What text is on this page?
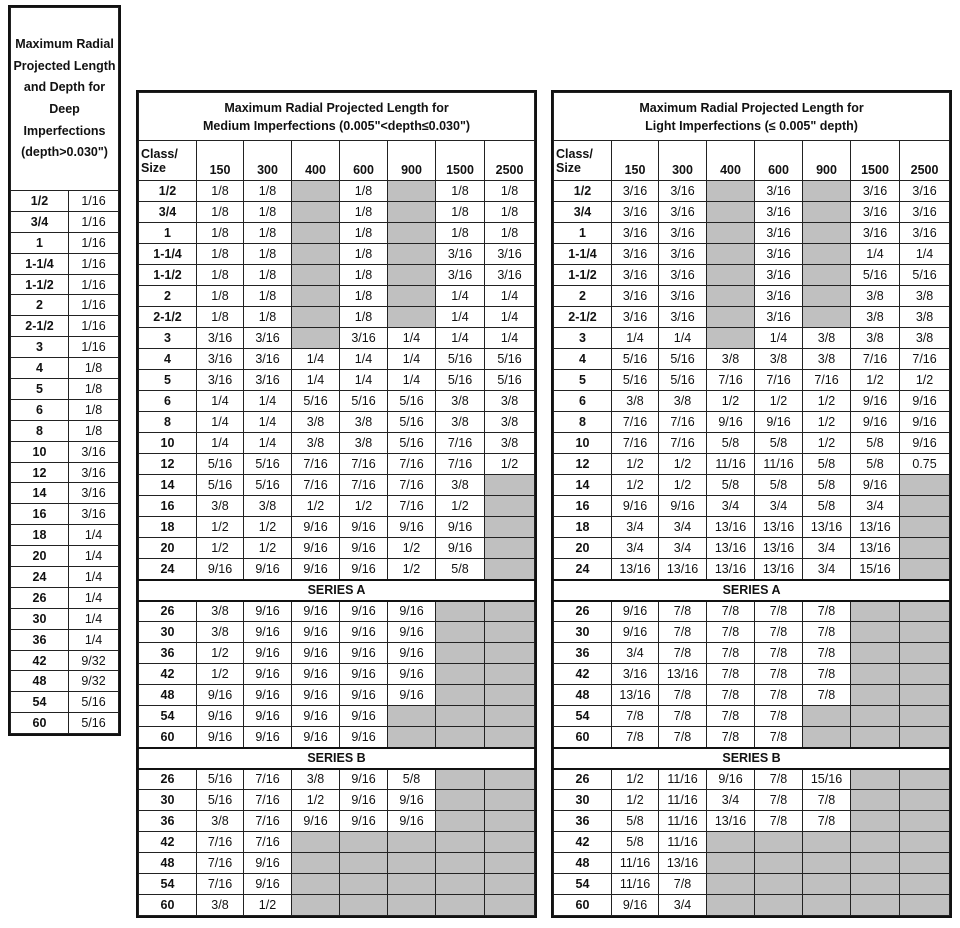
Maximum Radial Projected Length and Depth for Deep Imperfections (depth>0.030")	
1/2	1/16
3/4	1/16
1	1/16
1-1/4	1/16
1-1/2	1/16
2	1/16
2-1/2	1/16
3	1/16
4	1/8
5	1/8
6	1/8
8	1/8
10	3/16
12	3/16
14	3/16
16	3/16
18	1/4
20	1/4
24	1/4
26	1/4
30	1/4
36	1/4
42	9/32
48	9/32
54	5/16
60	5/16
Maximum Radial Projected Length for
Medium Imperfections (0.005"<depth≤0.030")							

Class/ Size	150	300	400	600	900	1500	2500
1/2	1/8	1/8		1/8		1/8	1/8
3/4	1/8	1/8		1/8		1/8	1/8
1	1/8	1/8		1/8		1/8	1/8
1-1/4	1/8	1/8		1/8		3/16	3/16
1-1/2	1/8	1/8		1/8		3/16	3/16
2	1/8	1/8		1/8		1/4	1/4
2-1/2	1/8	1/8		1/8		1/4	1/4
3	3/16	3/16		3/16	1/4	1/4	1/4
4	3/16	3/16	1/4	1/4	1/4	5/16	5/16
5	3/16	3/16	1/4	1/4	1/4	5/16	5/16
6	1/4	1/4	5/16	5/16	5/16	3/8	3/8
8	1/4	1/4	3/8	3/8	5/16	3/8	3/8
10	1/4	1/4	3/8	3/8	5/16	7/16	3/8
12	5/16	5/16	7/16	7/16	7/16	7/16	1/2
14	5/16	5/16	7/16	7/16	7/16	3/8	
16	3/8	3/8	1/2	1/2	7/16	1/2	
18	1/2	1/2	9/16	9/16	9/16	9/16	
20	1/2	1/2	9/16	9/16	1/2	9/16	
24	9/16	9/16	9/16	9/16	1/2	5/8	
SERIES A							
26	3/8	9/16	9/16	9/16	9/16		
30	3/8	9/16	9/16	9/16	9/16		
36	1/2	9/16	9/16	9/16	9/16		
42	1/2	9/16	9/16	9/16	9/16		
48	9/16	9/16	9/16	9/16	9/16		
54	9/16	9/16	9/16	9/16			
60	9/16	9/16	9/16	9/16			
SERIES B							
26	5/16	7/16	3/8	9/16	5/8		
30	5/16	7/16	1/2	9/16	9/16		
36	3/8	7/16	9/16	9/16	9/16		
42	7/16	7/16					
48	7/16	9/16					
54	7/16	9/16					
60	3/8	1/2					
Maximum Radial Projected Length for
Light Imperfections (≤ 0.005" depth)							

Class/ Size	150	300	400	600	900	1500	2500
1/2	3/16	3/16		3/16		3/16	3/16
3/4	3/16	3/16		3/16		3/16	3/16
1	3/16	3/16		3/16		3/16	3/16
1-1/4	3/16	3/16		3/16		1/4	1/4
1-1/2	3/16	3/16		3/16		5/16	5/16
2	3/16	3/16		3/16		3/8	3/8
2-1/2	3/16	3/16		3/16		3/8	3/8
3	1/4	1/4		1/4	3/8	3/8	3/8
4	5/16	5/16	3/8	3/8	3/8	7/16	7/16
5	5/16	5/16	7/16	7/16	7/16	1/2	1/2
6	3/8	3/8	1/2	1/2	1/2	9/16	9/16
8	7/16	7/16	9/16	9/16	1/2	9/16	9/16
10	7/16	7/16	5/8	5/8	1/2	5/8	9/16
12	1/2	1/2	11/16	11/16	5/8	5/8	0.75
14	1/2	1/2	5/8	5/8	5/8	9/16	
16	9/16	9/16	3/4	3/4	5/8	3/4	
18	3/4	3/4	13/16	13/16	13/16	13/16	
20	3/4	3/4	13/16	13/16	3/4	13/16	
24	13/16	13/16	13/16	13/16	3/4	15/16	
SERIES A							
26	9/16	7/8	7/8	7/8	7/8		
30	9/16	7/8	7/8	7/8	7/8		
36	3/4	7/8	7/8	7/8	7/8		
42	3/16	13/16	7/8	7/8	7/8		
48	13/16	7/8	7/8	7/8	7/8		
54	7/8	7/8	7/8	7/8			
60	7/8	7/8	7/8	7/8			
SERIES B							
26	1/2	11/16	9/16	7/8	15/16		
30	1/2	11/16	3/4	7/8	7/8		
36	5/8	11/16	13/16	7/8	7/8		
42	5/8	11/16					
48	11/16	13/16					
54	11/16	7/8					
60	9/16	3/4					
